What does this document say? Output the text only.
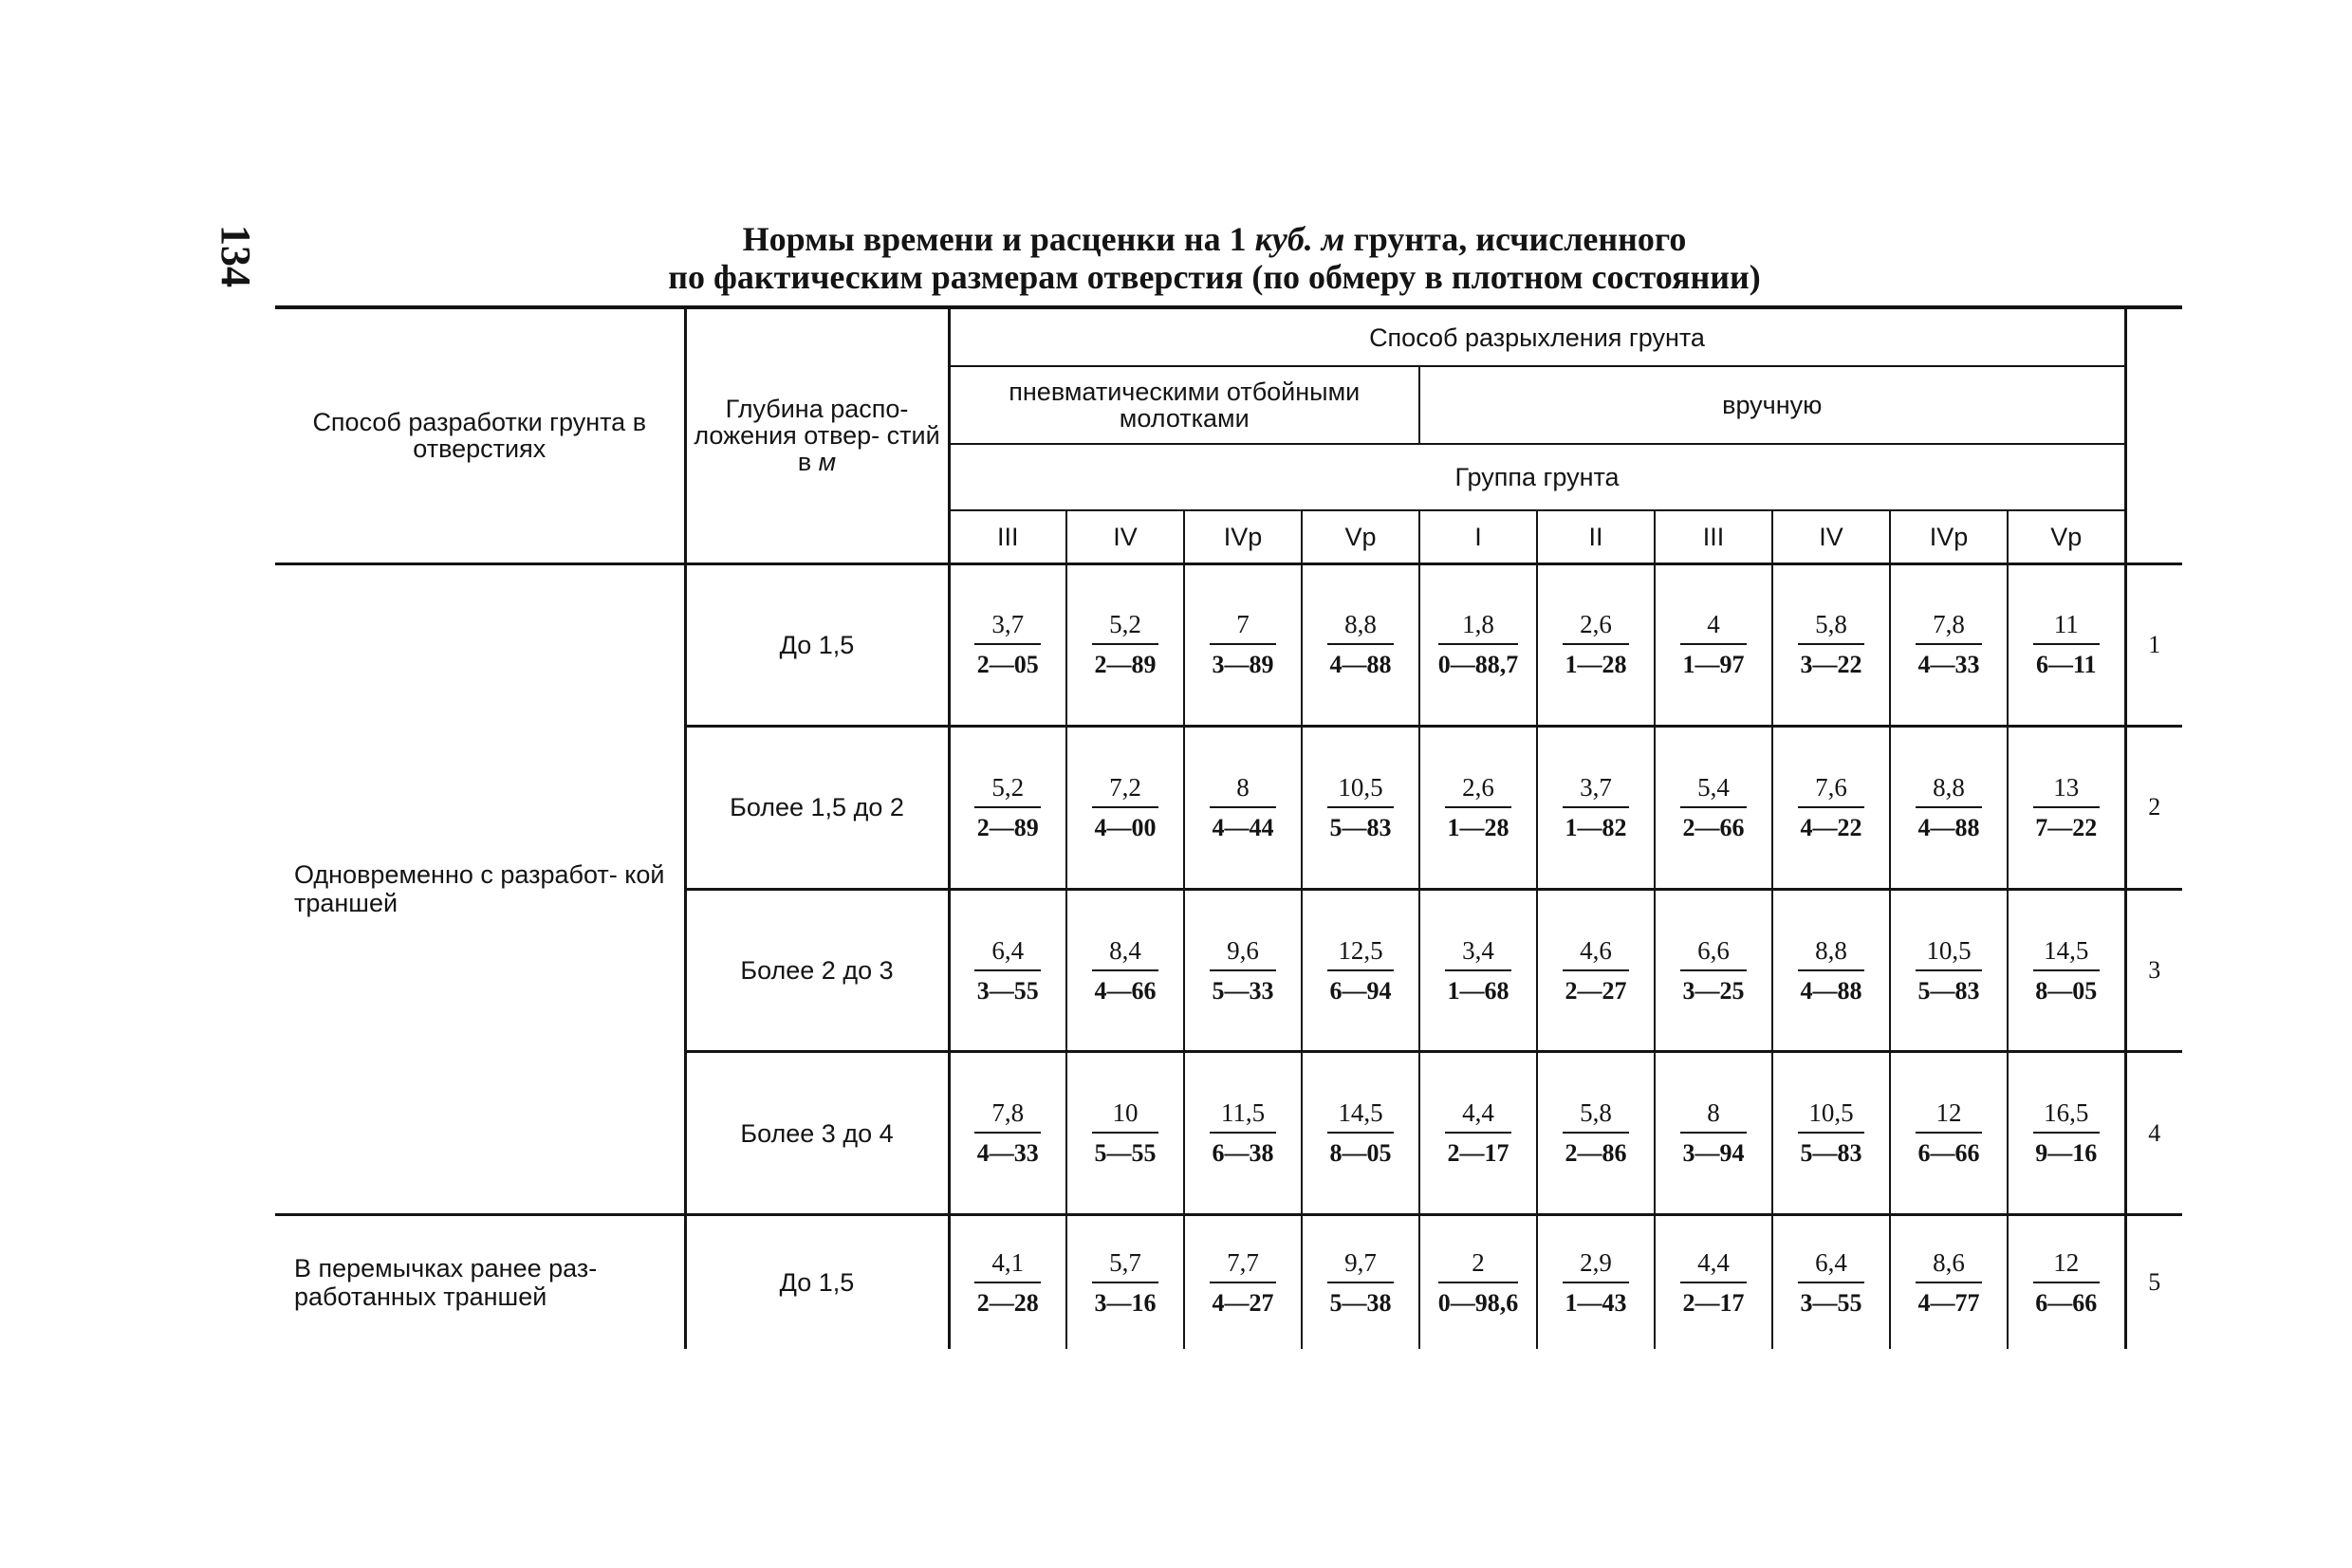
134	Нормы времени и расценки на 1 куб. м грунта, исчисленного
по фактическим размерам отверстия (по обмеру в плотном состоянии)
Способ разработки грунта в отверстиях	Глубина распо- ложения отвер- стий в м	Способ разрыхления грунта										
		пневматическими отбойными молотками				вручную						
		Группа грунта										
		III	IV	IVр	Vр	I	II	III	IV	IVр	Vр	
Одновременно с разработ- кой траншей	До 1,5	$\frac{3,7}{2—05}$	$\frac{5,2}{2—89}$	$\frac{7}{3—89}$	$\frac{8,8}{4—88}$	$\frac{1,8}{0—88,7}$	$\frac{2,6}{1—28}$	$\frac{4}{1—97}$	$\frac{5,8}{3—22}$	$\frac{7,8}{4—33}$	$\frac{11}{6—11}$	1
	Более 1,5 до 2	$\frac{5,2}{2—89}$	$\frac{7,2}{4—00}$	$\frac{8}{4—44}$	$\frac{10,5}{5—83}$	$\frac{2,6}{1—28}$	$\frac{3,7}{1—82}$	$\frac{5,4}{2—66}$	$\frac{7,6}{4—22}$	$\frac{8,8}{4—88}$	$\frac{13}{7—22}$	2
	Более 2 до 3	$\frac{6,4}{3—55}$	$\frac{8,4}{4—66}$	$\frac{9,6}{5—33}$	$\frac{12,5}{6—94}$	$\frac{3,4}{1—68}$	$\frac{4,6}{2—27}$	$\frac{6,6}{3—25}$	$\frac{8,8}{4—88}$	$\frac{10,5}{5—83}$	$\frac{14,5}{8—05}$	3
	Более 3 до 4	$\frac{7,8}{4—33}$	$\frac{10}{5—55}$	$\frac{11,5}{6—38}$	$\frac{14,5}{8—05}$	$\frac{4,4}{2—17}$	$\frac{5,8}{2—86}$	$\frac{8}{3—94}$	$\frac{10,5}{5—83}$	$\frac{12}{6—66}$	$\frac{16,5}{9—16}$	4
В перемычках ранее раз- работанных траншей	До 1,5	$\frac{4,1}{2—28}$	$\frac{5,7}{3—16}$	$\frac{7,7}{4—27}$	$\frac{9,7}{5—38}$	$\frac{2}{0—98,6}$	$\frac{2,9}{1—43}$	$\frac{4,4}{2—17}$	$\frac{6,4}{3—55}$	$\frac{8,6}{4—77}$	$\frac{12}{6—66}$	5
